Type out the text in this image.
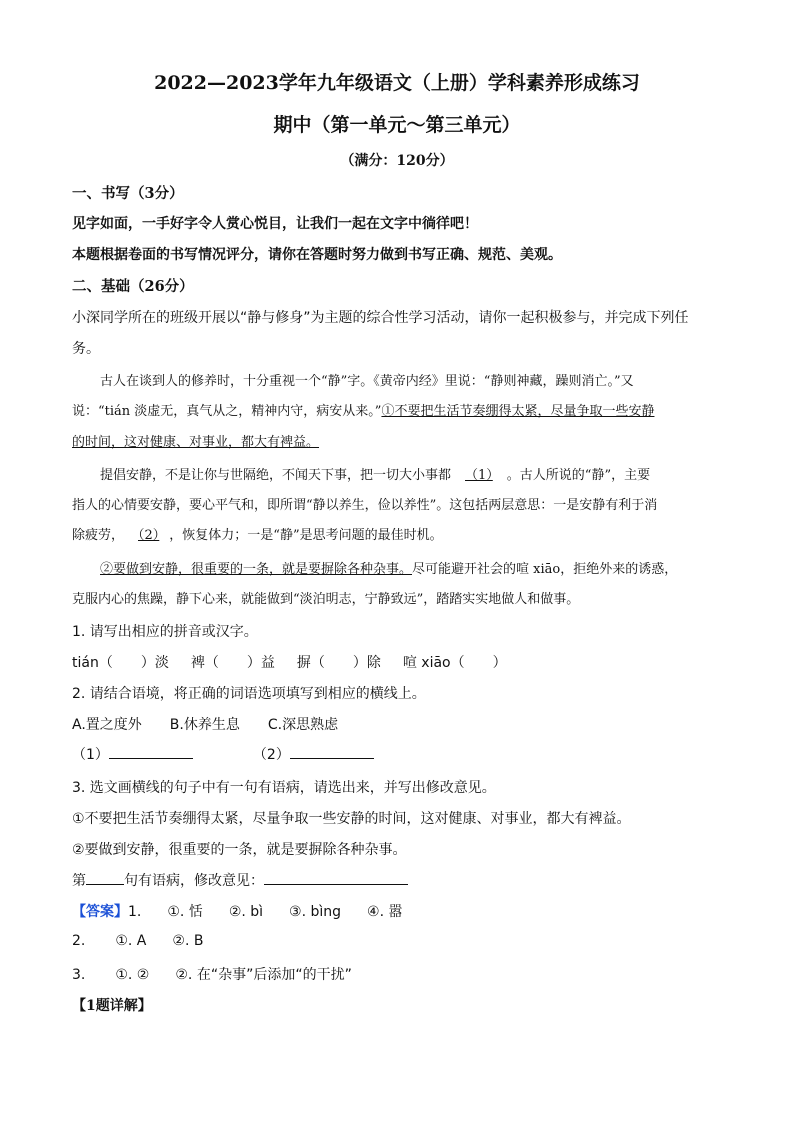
2022—2023学年九年级语文（上册）学科素养形成练习
期中（第一单元～第三单元）
（满分：120分）
一、书写（3分）
见字如面，一手好字令人赏心悦目，让我们一起在文字中徜徉吧！
本题根据卷面的书写情况评分，请你在答题时努力做到书写正确、规范、美观。
二、基础（26分）
小深同学所在的班级开展以“静与修身”为主题的综合性学习活动，请你一起积极参与，并完成下列任
务。
古人在谈到人的修养时，十分重视一个“静”字。《黄帝内经》里说：“静则神藏，躁则消亡。”又
说：“tián 淡虚无，真气从之，精神内守，病安从来。”①不要把生活节奏绷得太紧，尽量争取一些安静
的时间，这对健康、对事业，都大有裨益。
提倡安静，不是让你与世隔绝，不闻天下事，把一切大小事都 （1） 。古人所说的“静”，主要
指人的心情要安静，要心平气和，即所谓“静以养生，俭以养性”。这包括两层意思：一是安静有利于消
除疲劳， （2） ，恢复体力；一是“静”是思考问题的最佳时机。
②要做到安静，很重要的一条，就是要摒除各种杂事。尽可能避开社会的喧 xiāo，拒绝外来的诱惑，
克服内心的焦躁，静下心来，就能做到“淡泊明志，宁静致远”，踏踏实实地做人和做事。
1. 请写出相应的拼音或汉字。
tián（　　）淡 裨（　　）益 摒（　　）除 喧 xiāo（　　）
2. 请结合语境，将正确的词语选项填写到相应的横线上。
A.置之度外 B.休养生息 C.深思熟虑
（1）	（2）
3. 选文画横线的句子中有一句有语病，请选出来，并写出修改意见。
①不要把生活节奏绷得太紧，尽量争取一些安静的时间，这对健康、对事业，都大有裨益。
②要做到安静，很重要的一条，就是要摒除各种杂事。
第	句有语病，修改意见：
【答案】1. ①. 恬 ②. bì ③. bìng ④. 嚣
2. ①. A ②. B
3. ①. ② ②. 在“杂事”后添加“的干扰”
【1题详解】
